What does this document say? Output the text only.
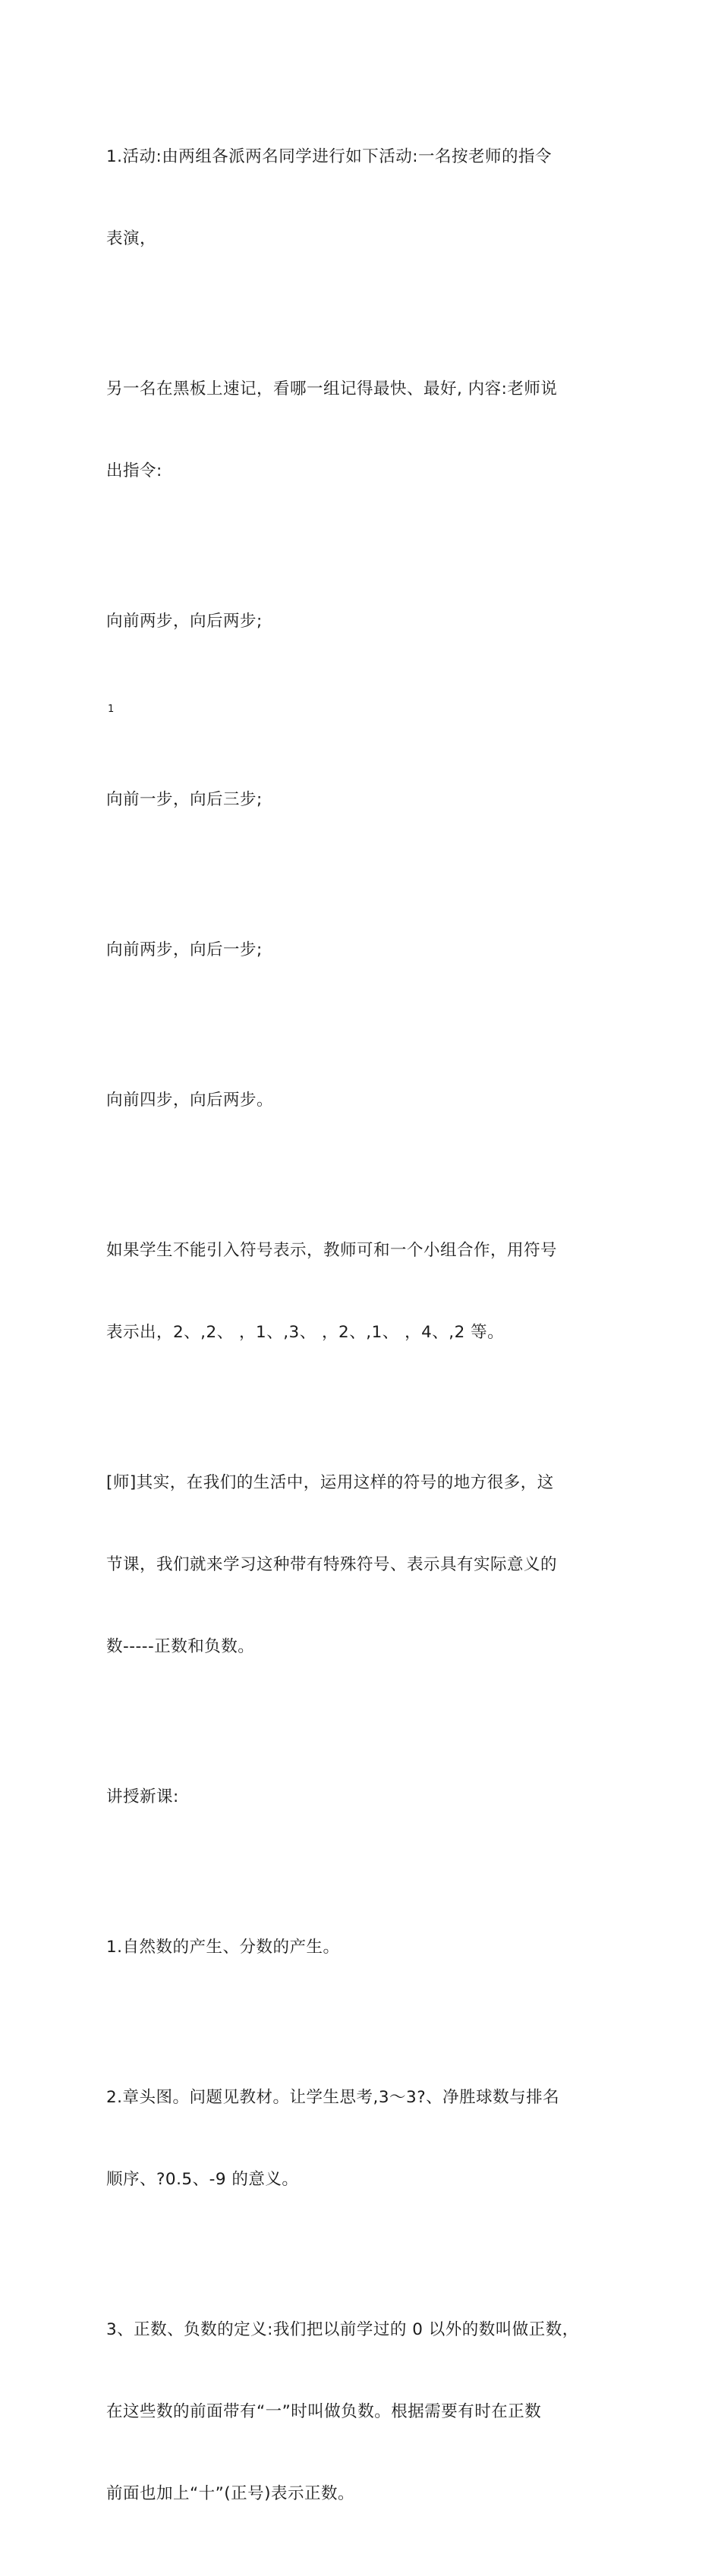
1.活动:由两组各派两名同学进行如下活动:一名按老师的指令

表演，

另一名在黑板上速记，看哪一组记得最快、最好, 内容:老师说

出指令:

向前两步，向后两步;

1

向前一步，向后三步;

向前两步，向后一步;

向前四步，向后两步。

如果学生不能引入符号表示，教师可和一个小组合作，用符号

表示出，2、,2、 ，1、,3、 ，2、,1、 ，4、,2 等。

[师]其实，在我们的生活中，运用这样的符号的地方很多，这

节课，我们就来学习这种带有特殊符号、表示具有实际意义的

数-----正数和负数。

讲授新课:

1.自然数的产生、分数的产生。

2.章头图。问题见教材。让学生思考,3～3?、净胜球数与排名

顺序、?0.5、-9 的意义。

3、正数、负数的定义:我们把以前学过的 0 以外的数叫做正数，

在这些数的前面带有“一”时叫做负数。根据需要有时在正数

前面也加上“十”(正号)表示正数。
